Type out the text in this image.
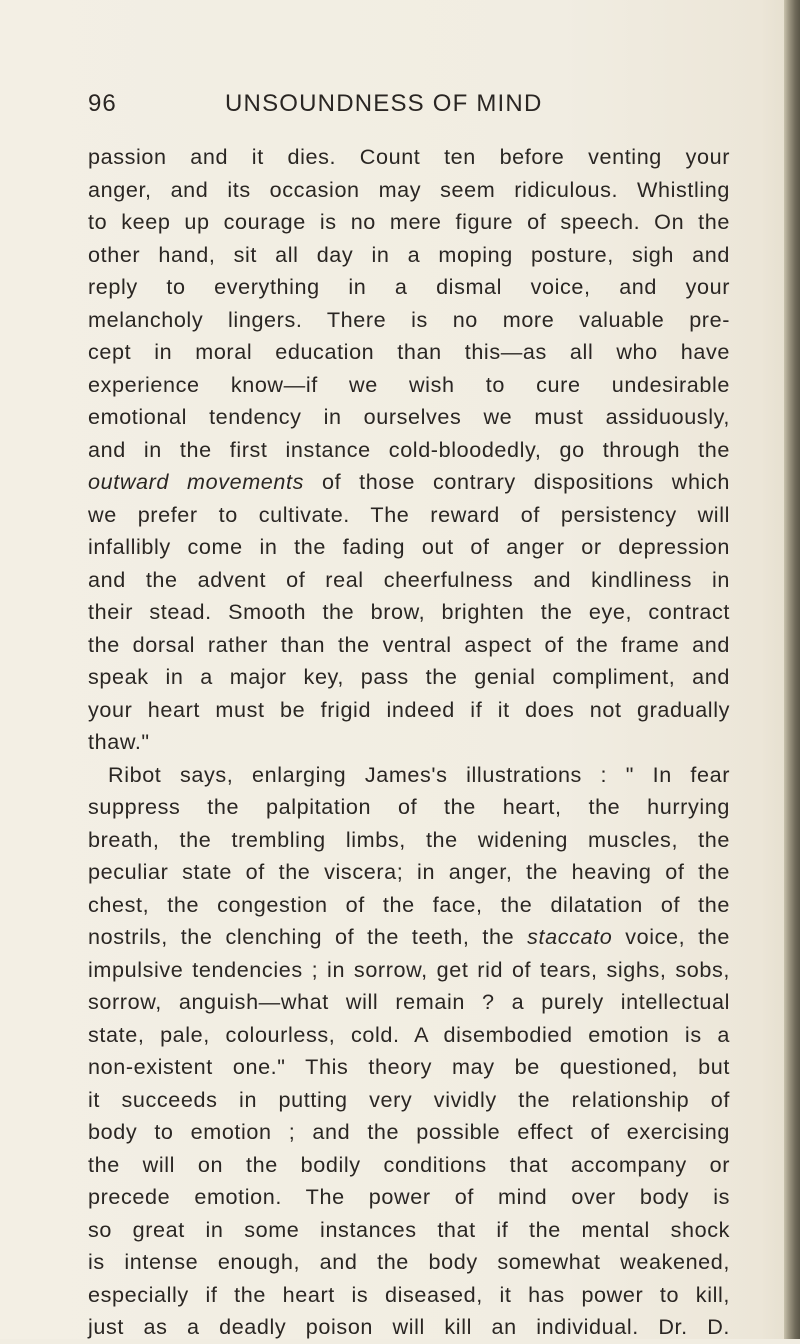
96	UNSOUNDNESS OF MIND
passion and it dies. Count ten before venting your
anger, and its occasion may seem ridiculous. Whistling
to keep up courage is no mere figure of speech. On the
other hand, sit all day in a moping posture, sigh and
reply to everything in a dismal voice, and your
melancholy lingers. There is no more valuable pre-
cept in moral education than this—as all who have
experience know—if we wish to cure undesirable
emotional tendency in ourselves we must assiduously,
and in the first instance cold-bloodedly, go through the
outward movements of those contrary dispositions which
we prefer to cultivate. The reward of persistency will
infallibly come in the fading out of anger or depression
and the advent of real cheerfulness and kindliness in
their stead. Smooth the brow, brighten the eye, contract
the dorsal rather than the ventral aspect of the frame and
speak in a major key, pass the genial compliment, and
your heart must be frigid indeed if it does not gradually
thaw."
Ribot says, enlarging James's illustrations : " In fear
suppress the palpitation of the heart, the hurrying
breath, the trembling limbs, the widening muscles, the
peculiar state of the viscera; in anger, the heaving of the
chest, the congestion of the face, the dilatation of the
nostrils, the clenching of the teeth, the staccato voice, the
impulsive tendencies ; in sorrow, get rid of tears, sighs, sobs,
sorrow, anguish—what will remain ? a purely intellectual
state, pale, colourless, cold. A disembodied emotion is a
non-existent one." This theory may be questioned, but
it succeeds in putting very vividly the relationship of
body to emotion ; and the possible effect of exercising
the will on the bodily conditions that accompany or
precede emotion. The power of mind over body is
so great in some instances that if the mental shock
is intense enough, and the body somewhat weakened,
especially if the heart is diseased, it has power to kill,
just as a deadly poison will kill an individual. Dr. D.
